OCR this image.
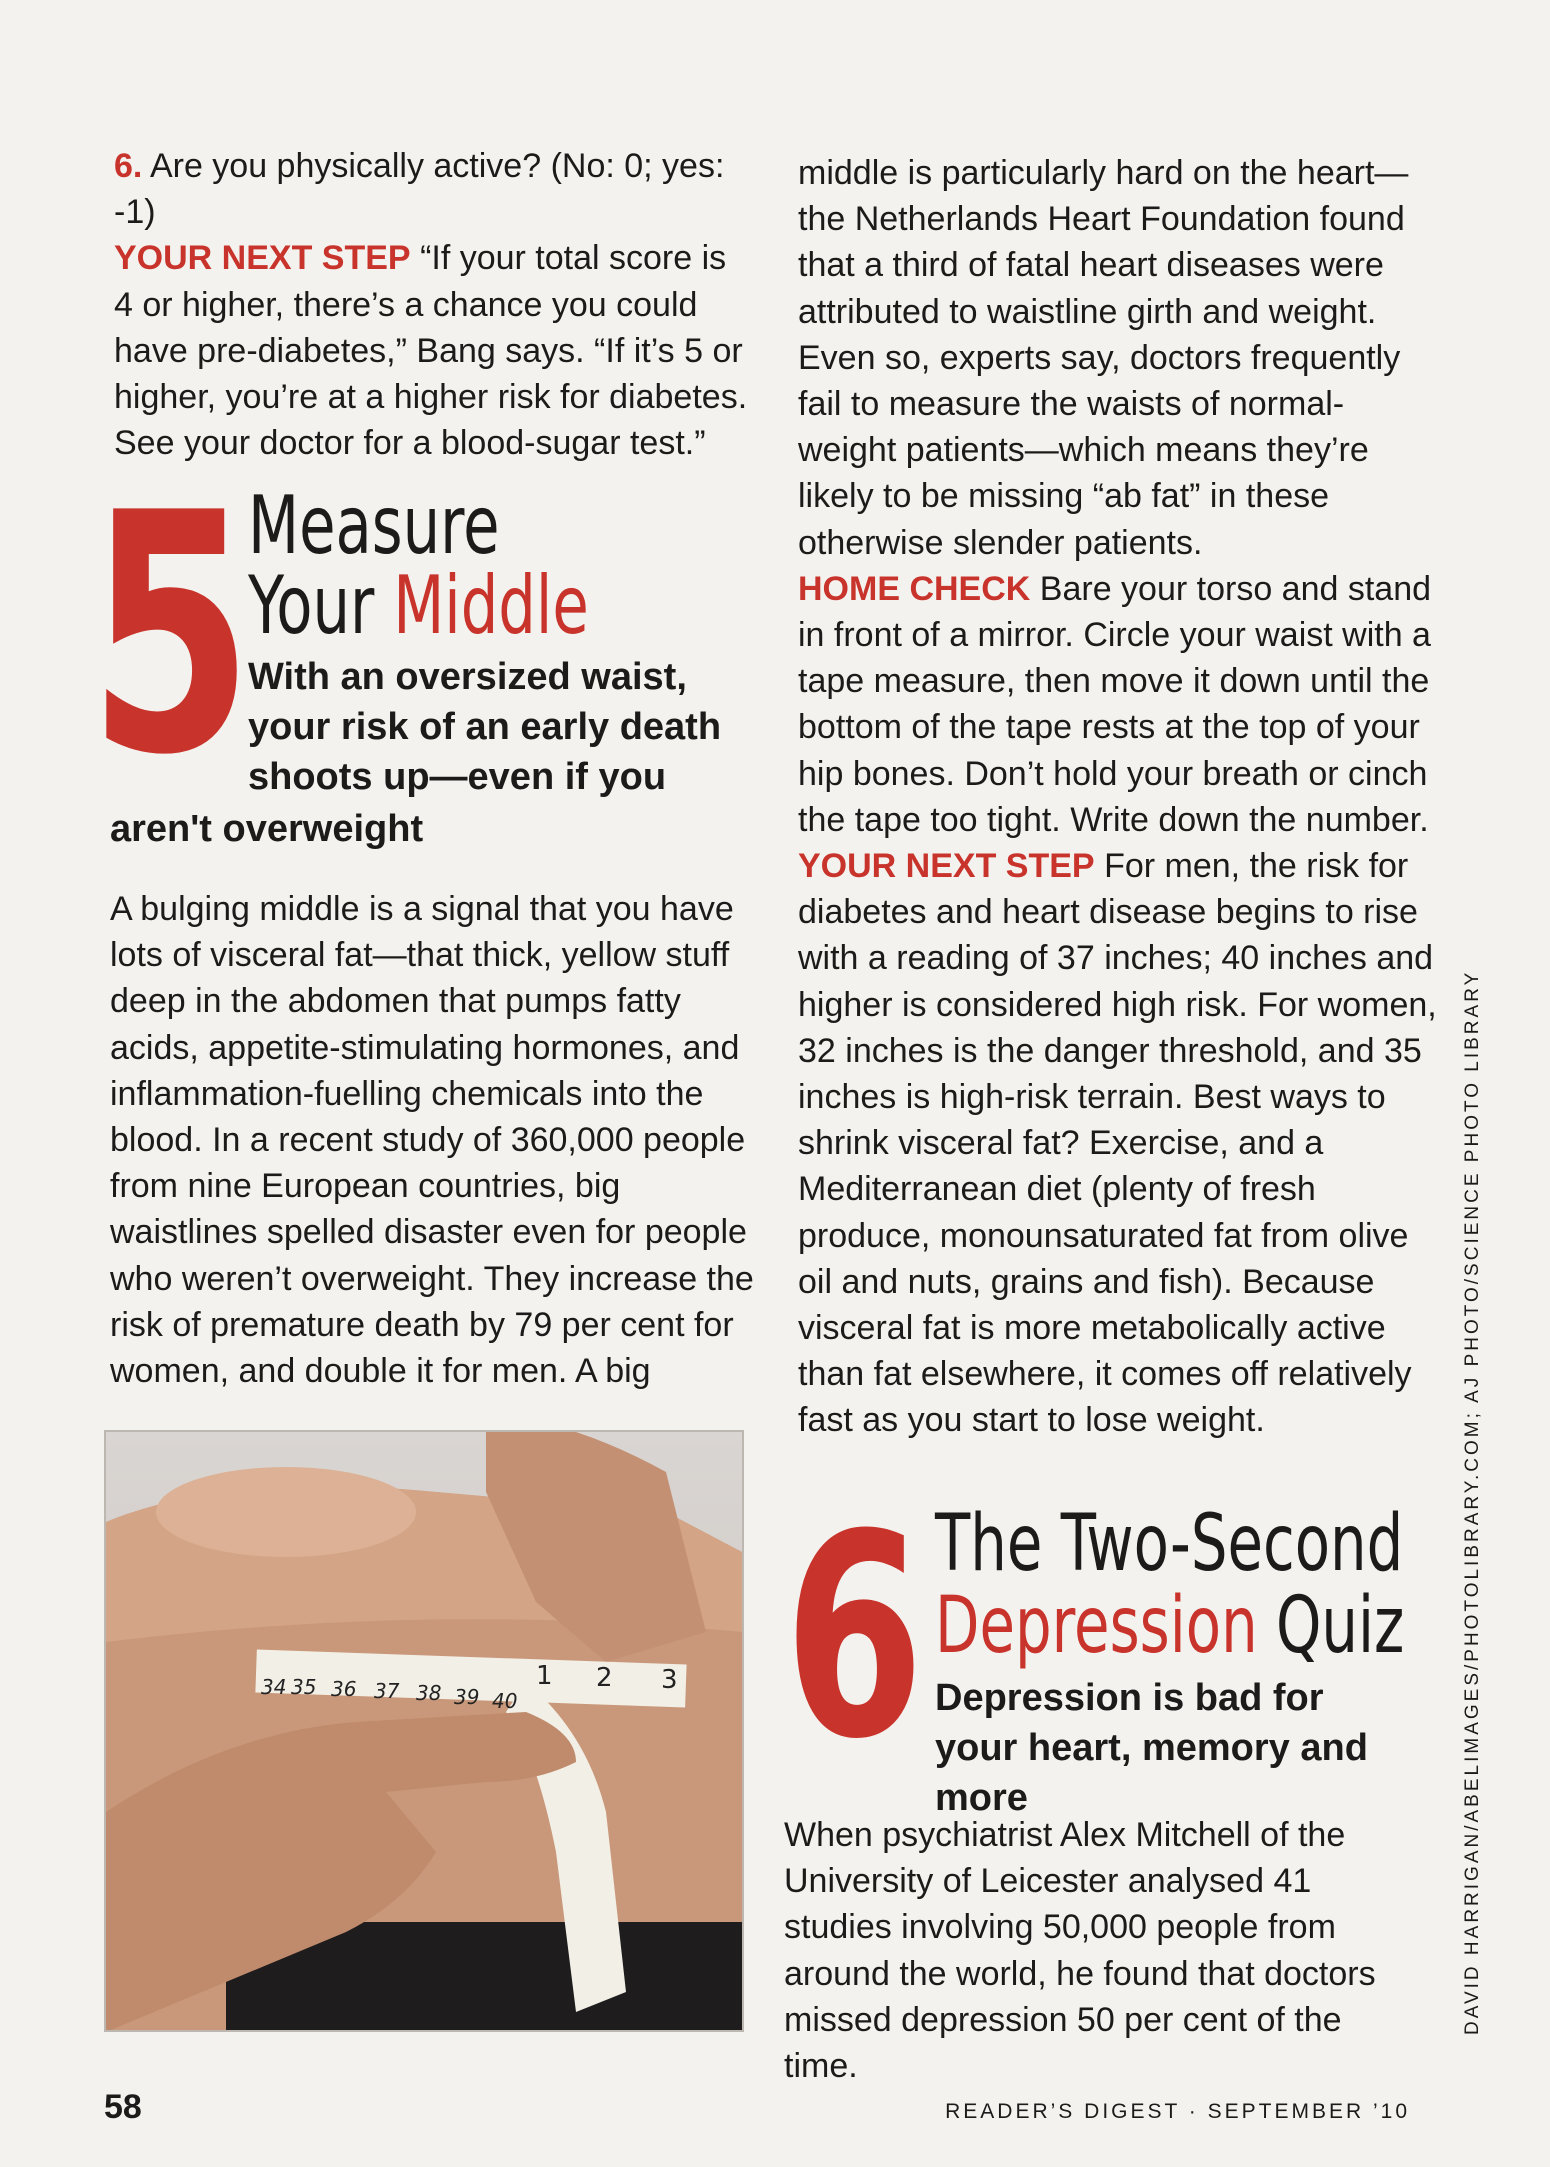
6. Are you physically active? (No: 0; yes: -1)

YOUR NEXT STEP “If your total score is 4 or higher, there’s a chance you could have pre-diabetes,” Bang says. “If it’s 5 or higher, you’re at a higher risk for diabetes. See your doctor for a blood-sugar test.”

5
Measure
Your Middle
With an oversized waist, your risk of an early death shoots up—even if you
aren't overweight
A bulging middle is a signal that you have lots of visceral fat—that thick, yellow stuff deep in the abdomen that pumps fatty acids, appetite-stimulating hormones, and inflammation-fuelling chemicals into the blood. In a recent study of 360,000 people from nine European countries, big waistlines spelled disaster even for people who weren’t overweight. They increase the risk of premature death by 79 per cent for women, and double it for men. A big
34 35 36 37 38 39 40
1 2 3

middle is particularly hard on the heart—the Netherlands Heart Foundation found that a third of fatal heart diseases were attributed to waistline girth and weight. Even so, experts say, doctors frequently fail to measure the waists of normal-weight patients—which means they’re likely to be missing “ab fat” in these otherwise slender patients.

HOME CHECK Bare your torso and stand in front of a mirror. Circle your waist with a tape measure, then move it down until the bottom of the tape rests at the top of your hip bones. Don’t hold your breath or cinch the tape too tight. Write down the number.

YOUR NEXT STEP For men, the risk for diabetes and heart disease begins to rise with a reading of 37 inches; 40 inches and higher is considered high risk. For women, 32 inches is the danger threshold, and 35 inches is high-risk terrain. Best ways to shrink visceral fat? Exercise, and a Mediterranean diet (plenty of fresh produce, monounsaturated fat from olive oil and nuts, grains and fish). Because visceral fat is more metabolically active than fat elsewhere, it comes off relatively fast as you start to lose weight.

6 The Two-Second
Depression Quiz
Depression is bad for your heart, memory and more
When psychiatrist Alex Mitchell of the University of Leicester analysed 41 studies involving 50,000 people from around the world, he found that doctors missed depression 50 per cent of the time.
58	READER’S DIGEST · SEPTEMBER ’10
DAVID HARRIGAN/ABELIMAGES/PHOTOLIBRARY.COM; AJ PHOTO/SCIENCE PHOTO LIBRARY
